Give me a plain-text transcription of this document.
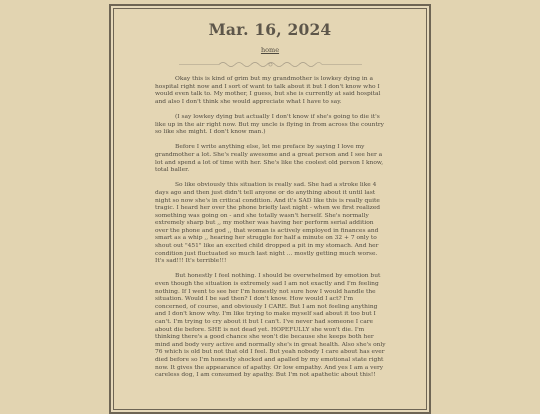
Mar. 16, 2024
home

Okay this is kind of grim but my grandmother is lowkey dying in a hospital right now and I sort of want to talk about it but I don't know who I would even talk to. My mother, I guess, but she is currently at said hospital and also I don't think she would appreciate what I have to say.

(I say lowkey dying but actually I don't know if she's going to die it's like up in the air right now. But my uncle is flying in from across the country so like she might. I don't know man.)

Before I write anything else, let me preface by saying I love my grandmother a lot. She's really awesome and a great person and I see her a lot and spend a lot of time with her. She's like the coolest old person I know, total baller.

So like obviously this situation is really sad. She had a stroke like 4 days ago and then just didn't tell anyone or do anything about it until last night so now she's in critical condition. And it's SAD like this is really quite tragic. I heard her over the phone briefly last night - when we first realized something was going on - and she totally wasn't herself. She's normally extremely sharp but ,, my mother was having her perform serial addition over the phone and god ,, that woman is actively employed in finances and smart as a whip ,, hearing her struggle for half a minute on 32 + 7 only to shout out "451" like an excited child dropped a pit in my stomach. And her condition just fluctuated so much last night ... mostly getting much worse. It's sad!!! It's terrible!!!

But honestly I feel nothing. I should be overwhelmed by emotion but even though the situation is extremely sad I am not exactly and I'm feeling nothing. If I went to see her I'm honestly not sure how I would handle the situation. Would I be sad then? I don't know. How would I act? I'm concerned, of course, and obviously I CARE. But I am not feeling anything and I don't know why. I'm like trying to make myself sad about it too but I can't. I'm trying to cry about it but I can't. I've never had someone I care about die before. SHE is not dead yet. HOPEFULLY she won't die. I'm thinking there's a good chance she won't die because she keeps both her mind and body very active and normally she's in great health. Also she's only 76 which is old but not that old I feel. But yeah nobody I care about has ever died before so I'm honestly shocked and apalled by my emotional state right now. It gives the appearance of apathy. Or low empathy. And yes I am a very careless dog, I am consumed by apathy. But I'm not apathetic about this!!
